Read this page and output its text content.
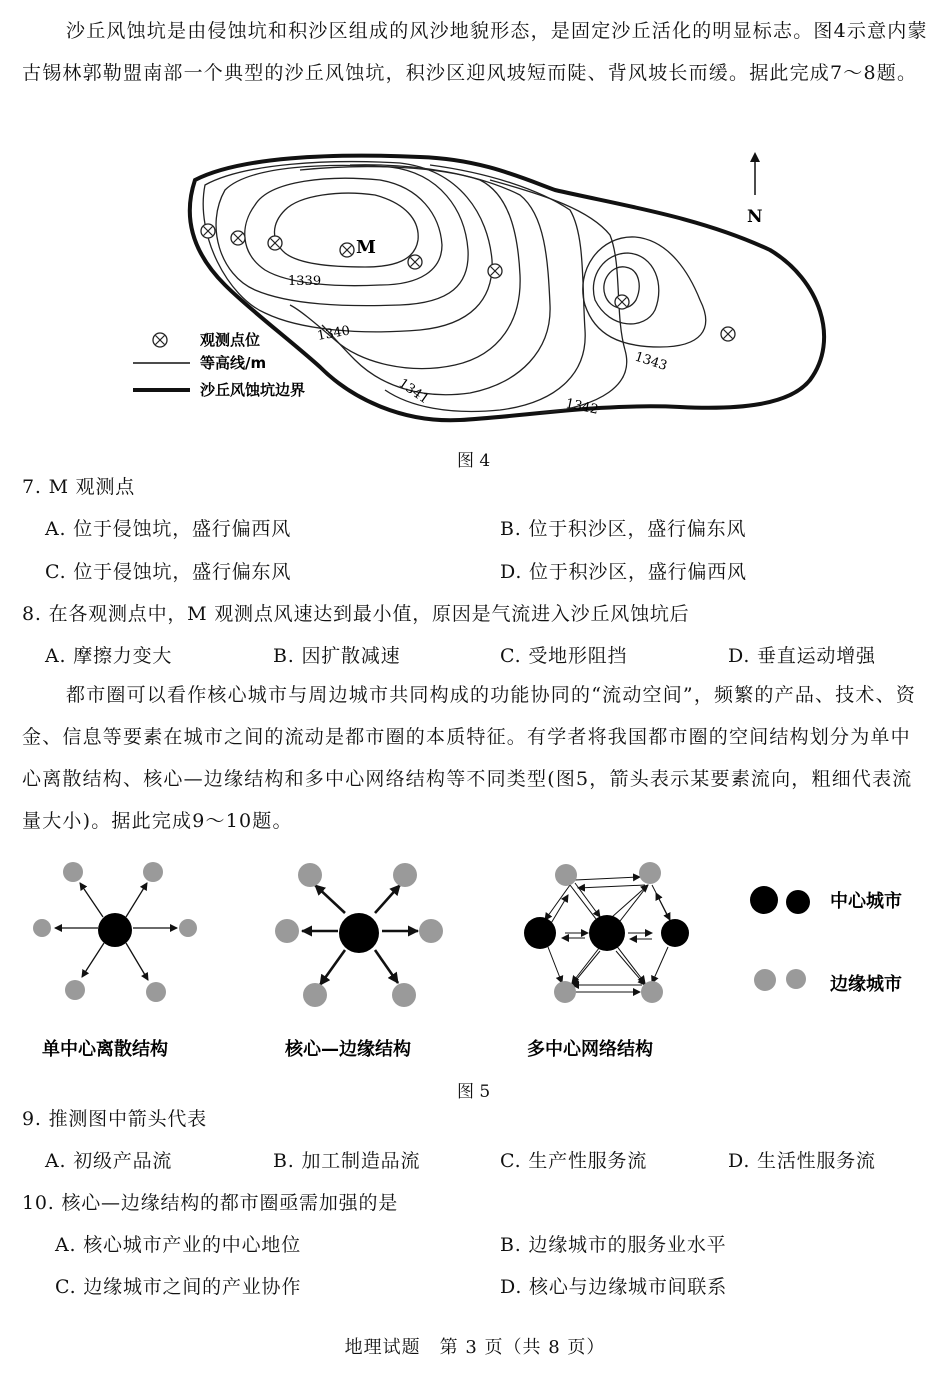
沙丘风蚀坑是由侵蚀坑和积沙区组成的风沙地貌形态，是固定沙丘活化的明显标志。图4示意内蒙古锡林郭勒盟南部一个典型的沙丘风蚀坑，积沙区迎风坡短而陡、背风坡长而缓。据此完成7～8题。

M
1339
1340
1341	1342
1343
N
观测点位
等高线/m
沙丘风蚀坑边界
图 4
7. M 观测点
A. 位于侵蚀坑，盛行偏西风	B. 位于积沙区，盛行偏东风
C. 位于侵蚀坑，盛行偏东风	D. 位于积沙区，盛行偏西风
8. 在各观测点中，M 观测点风速达到最小值，原因是气流进入沙丘风蚀坑后
A. 摩擦力变大	B. 因扩散减速	C. 受地形阻挡	D. 垂直运动增强

都市圈可以看作核心城市与周边城市共同构成的功能协同的“流动空间”，频繁的产品、技术、资金、信息等要素在城市之间的流动是都市圈的本质特征。有学者将我国都市圈的空间结构划分为单中心离散结构、核心—边缘结构和多中心网络结构等不同类型(图5，箭头表示某要素流向，粗细代表流量大小)。据此完成9～10题。

中心城市
边缘城市
单中心离散结构	核心—边缘结构	多中心网络结构
图 5
9. 推测图中箭头代表
A. 初级产品流	B. 加工制造品流	C. 生产性服务流	D. 生活性服务流
10. 核心—边缘结构的都市圈亟需加强的是
A. 核心城市产业的中心地位	B. 边缘城市的服务业水平
C. 边缘城市之间的产业协作	D. 核心与边缘城市间联系
地理试题　第 3 页（共 8 页）
